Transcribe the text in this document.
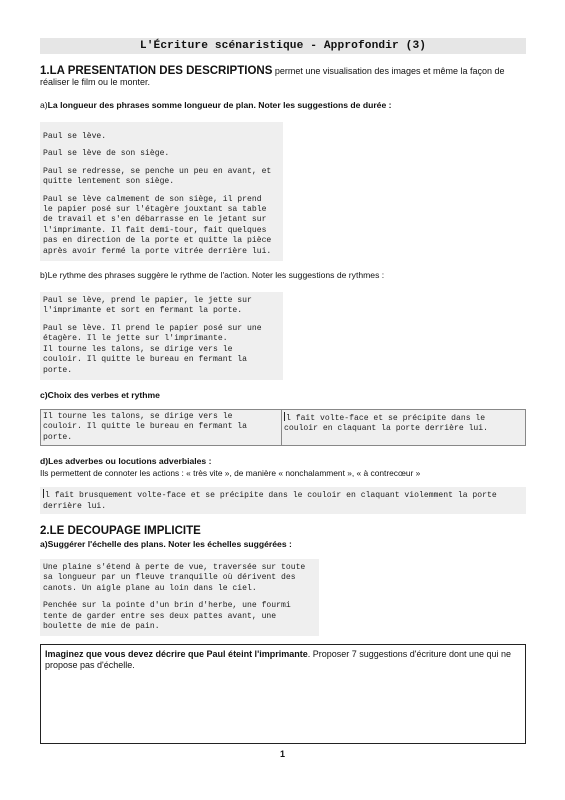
L'Écriture scénaristique - Approfondir (3)
1.LA PRESENTATION DES DESCRIPTIONS permet une visualisation des images et même la façon de réaliser le film ou le monter.
a)La longueur des phrases somme longueur de plan. Noter les suggestions de durée :

Paul se lève.

Paul se lève de son siège.

Paul se redresse, se penche un peu en avant, et
quitte lentement son siège.

Paul se lève calmement de son siège, il prend
le papier posé sur l'étagère jouxtant sa table
de travail et s'en débarrasse en le jetant sur
l'imprimante. Il fait demi-tour, fait quelques
pas en direction de la porte et quitte la pièce
après avoir fermé la porte vitrée derrière lui.

b)Le rythme des phrases suggère le rythme de l'action. Noter les suggestions de rythmes :

Paul se lève, prend le papier, le jette sur
l'imprimante et sort en fermant la porte.

Paul se lève. Il prend le papier posé sur une
étagère. Il le jette sur l'imprimante.
Il tourne les talons, se dirige vers le
couloir. Il quitte le bureau en fermant la
porte.

c)Choix des verbes et rythme

Il tourne les talons, se dirige vers le
couloir. Il quitte le bureau en fermant la
porte.

l fait volte-face et se précipite dans le
couloir en claquant la porte derrière lui.

d)Les adverbes ou locutions adverbiales :
Ils permettent de connoter les actions : « très vite », de manière « nonchalamment », « à contrecœur »

l fait brusquement volte-face et se précipite dans le couloir en claquant violemment la porte
derrière lui.

2.LE DECOUPAGE IMPLICITE
a)Suggérer l'échelle des plans. Noter les échelles suggérées :

Une plaine s'étend à perte de vue, traversée sur toute
sa longueur par un fleuve tranquille où dérivent des
canots. Un aigle plane au loin dans le ciel.

Penchée sur la pointe d'un brin d'herbe, une fourmi
tente de garder entre ses deux pattes avant, une
boulette de mie de pain.

Imaginez que vous devez décrire que Paul éteint l'imprimante. Proposer 7 suggestions d'écriture dont une qui ne propose pas d'échelle.
1
